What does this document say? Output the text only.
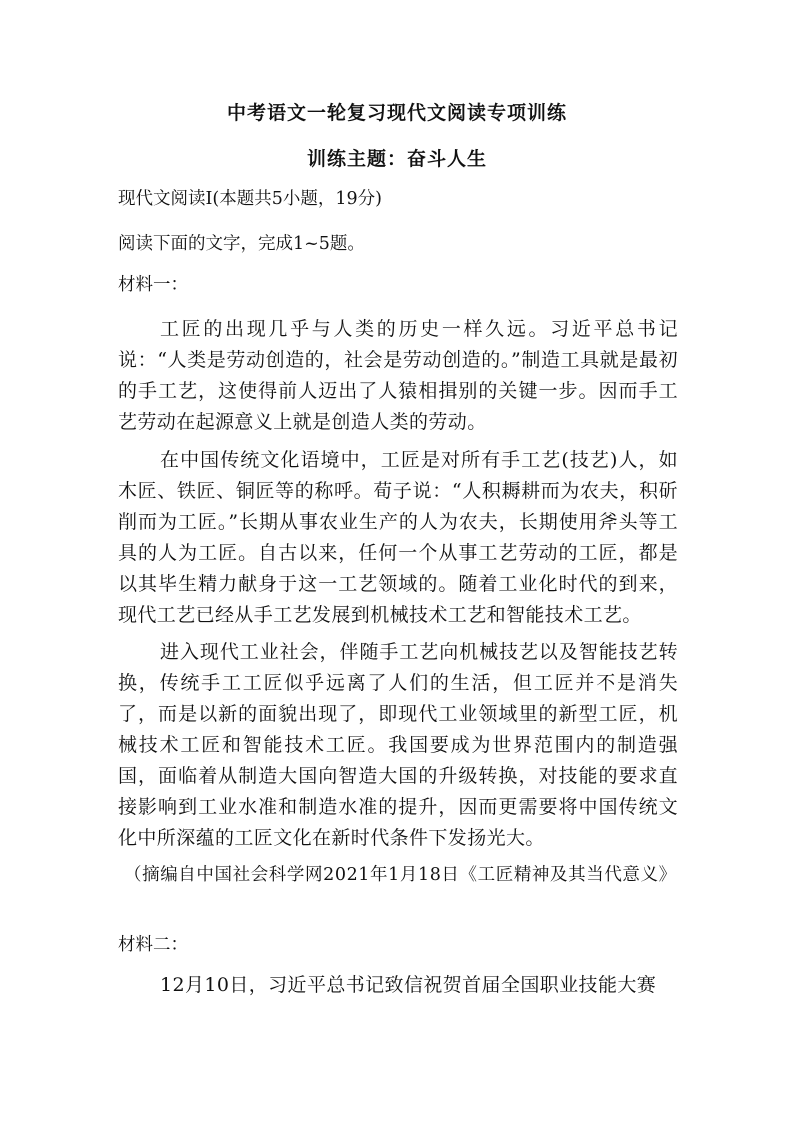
中考语文一轮复习现代文阅读专项训练
训练主题：奋斗人生

现代文阅读Ⅰ(本题共5小题，19分)

阅读下面的文字，完成1~5题。

材料一：

工匠的出现几乎与人类的历史一样久远。习近平总书记说：“人类是劳动创造的，社会是劳动创造的。”制造工具就是最初的手工艺，这使得前人迈出了人猿相揖别的关键一步。因而手工艺劳动在起源意义上就是创造人类的劳动。

在中国传统文化语境中，工匠是对所有手工艺(技艺)人，如木匠、铁匠、铜匠等的称呼。荀子说：“人积耨耕而为农夫，积斫削而为工匠。”长期从事农业生产的人为农夫，长期使用斧头等工具的人为工匠。自古以来，任何一个从事工艺劳动的工匠，都是以其毕生精力献身于这一工艺领域的。随着工业化时代的到来，现代工艺已经从手工艺发展到机械技术工艺和智能技术工艺。

进入现代工业社会，伴随手工艺向机械技艺以及智能技艺转换，传统手工工匠似乎远离了人们的生活，但工匠并不是消失了，而是以新的面貌出现了，即现代工业领域里的新型工匠，机械技术工匠和智能技术工匠。我国要成为世界范围内的制造强国，面临着从制造大国向智造大国的升级转换，对技能的要求直接影响到工业水准和制造水准的提升，因而更需要将中国传统文化中所深蕴的工匠文化在新时代条件下发扬光大。

（摘编自中国社会科学网2021年1月18日《工匠精神及其当代意义》

材料二：

12月10日，习近平总书记致信祝贺首届全国职业技能大赛
